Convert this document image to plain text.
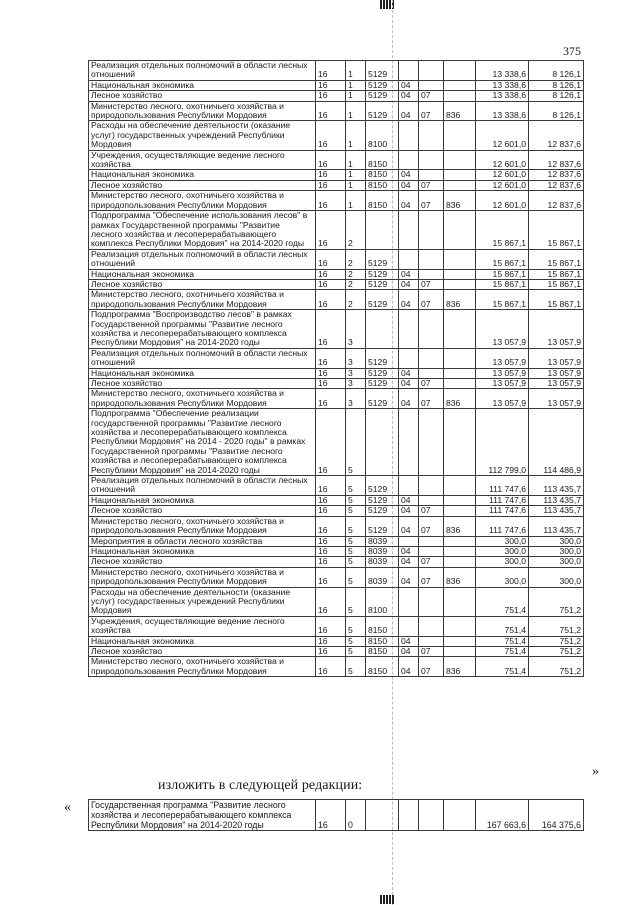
375
Реализация отдельных полномочий в области лесных отношений	16	1	5129				13 338,6	8 126,1
Национальная экономика	16	1	5129	04			13 338,6	8 126,1
Лесное хозяйство	16	1	5129	04	07		13 338,6	8 126,1
Министерство лесного, охотничьего хозяйства и природопользования Республики Мордовия	16	1	5129	04	07	836	13 338,6	8 126,1
Расходы на обеспечение деятельности (оказание услуг) государственных учреждений Республики Мордовия	16	1	8100				12 601,0	12 837,6
Учреждения, осуществляющие ведение лесного хозяйства	16	1	8150				12 601,0	12 837,6
Национальная экономика	16	1	8150	04			12 601,0	12 837,6
Лесное хозяйство	16	1	8150	04	07		12 601,0	12 837,6
Министерство лесного, охотничьего хозяйства и природопользования Республики Мордовия	16	1	8150	04	07	836	12 601,0	12 837,6
Подпрограмма "Обеспечение использования лесов" в рамках Государственной программы "Развитие лесного хозяйства и лесоперерабатывающего комплекса Республики Мордовия" на 2014-2020 годы	16	2					15 867,1	15 867,1
Реализация отдельных полномочий в области лесных отношений	16	2	5129				15 867,1	15 867,1
Национальная экономика	16	2	5129	04			15 867,1	15 867,1
Лесное хозяйство	16	2	5129	04	07		15 867,1	15 867,1
Министерство лесного, охотничьего хозяйства и природопользования Республики Мордовия	16	2	5129	04	07	836	15 867,1	15 867,1
Подпрограмма "Воспроизводство лесов" в рамках Государственной программы "Развитие лесного хозяйства и лесоперерабатывающего комплекса Республики Мордовия" на 2014-2020 годы	16	3					13 057,9	13 057,9
Реализация отдельных полномочий в области лесных отношений	16	3	5129				13 057,9	13 057,9
Национальная экономика	16	3	5129	04			13 057,9	13 057,9
Лесное хозяйство	16	3	5129	04	07		13 057,9	13 057,9
Министерство лесного, охотничьего хозяйства и природопользования Республики Мордовия	16	3	5129	04	07	836	13 057,9	13 057,9
Подпрограмма "Обеспечение реализации государственной программы "Развитие лесного хозяйства и лесоперерабатывающего комплекса Республики Мордовия" на 2014 - 2020 годы" в рамках Государственной программы "Развитие лесного хозяйства и лесоперерабатывающего комплекса Республики Мордовия" на 2014-2020 годы	16	5					112 799,0	114 486,9
Реализация отдельных полномочий в области лесных отношений	16	5	5129				111 747,6	113 435,7
Национальная экономика	16	5	5129	04			111 747,6	113 435,7
Лесное хозяйство	16	5	5129	04	07		111 747,6	113 435,7
Министерство лесного, охотничьего хозяйства и природопользования Республики Мордовия	16	5	5129	04	07	836	111 747,6	113 435,7
Мероприятия в области лесного хозяйства	16	5	8039				300,0	300,0
Национальная экономика	16	5	8039	04			300,0	300,0
Лесное хозяйство	16	5	8039	04	07		300,0	300,0
Министерство лесного, охотничьего хозяйства и природопользования Республики Мордовия	16	5	8039	04	07	836	300,0	300,0
Расходы на обеспечение деятельности (оказание услуг) государственных учреждений Республики Мордовия	16	5	8100				751,4	751,2
Учреждения, осуществляющие ведение лесного хозяйства	16	5	8150				751,4	751,2
Национальная экономика	16	5	8150	04			751,4	751,2
Лесное хозяйство	16	5	8150	04	07		751,4	751,2
Министерство лесного, охотничьего хозяйства и природопользования Республики Мордовия	16	5	8150	04	07	836	751,4	751,2
»
изложить в следующей редакции:
« Государственная программа "Развитие лесного хозяйства и лесоперерабатывающего комплекса Республики Мордовия" на 2014-2020 годы	16	0					167 663,6	164 375,6
